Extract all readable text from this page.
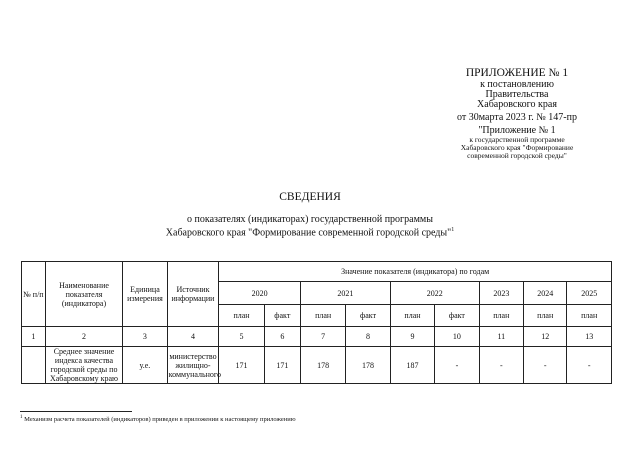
ПРИЛОЖЕНИЕ № 1
к постановлению
Правительства
Хабаровского края
от 30марта 2023 г. № 147-пр
"Приложение № 1
к государственной программе
Хабаровского края "Формирование
современной городской среды"
СВЕДЕНИЯ
о показателях (индикаторах) государственной программы
Хабаровского края "Формирование современной городской среды"$^1$
№ п/п	Наименование показателя (индикатора)	Единица измерения	Источник информации	Значение показателя (индикатора) по годам								
				2020		2021		2022		2023	2024	2025
				план	факт	план	факт	план	факт	план	план	план
1	2	3	4	5	6	7	8	9	10	11	12	13
	Среднее значение индекса качества городской среды по Хабаровскому краю	у.е.	министерство жилищно-коммунального	171	171	178	178	187	-	-	-	-
$^1$ Механизм расчета показателей (индикаторов) приведен в приложении к настоящему приложению
